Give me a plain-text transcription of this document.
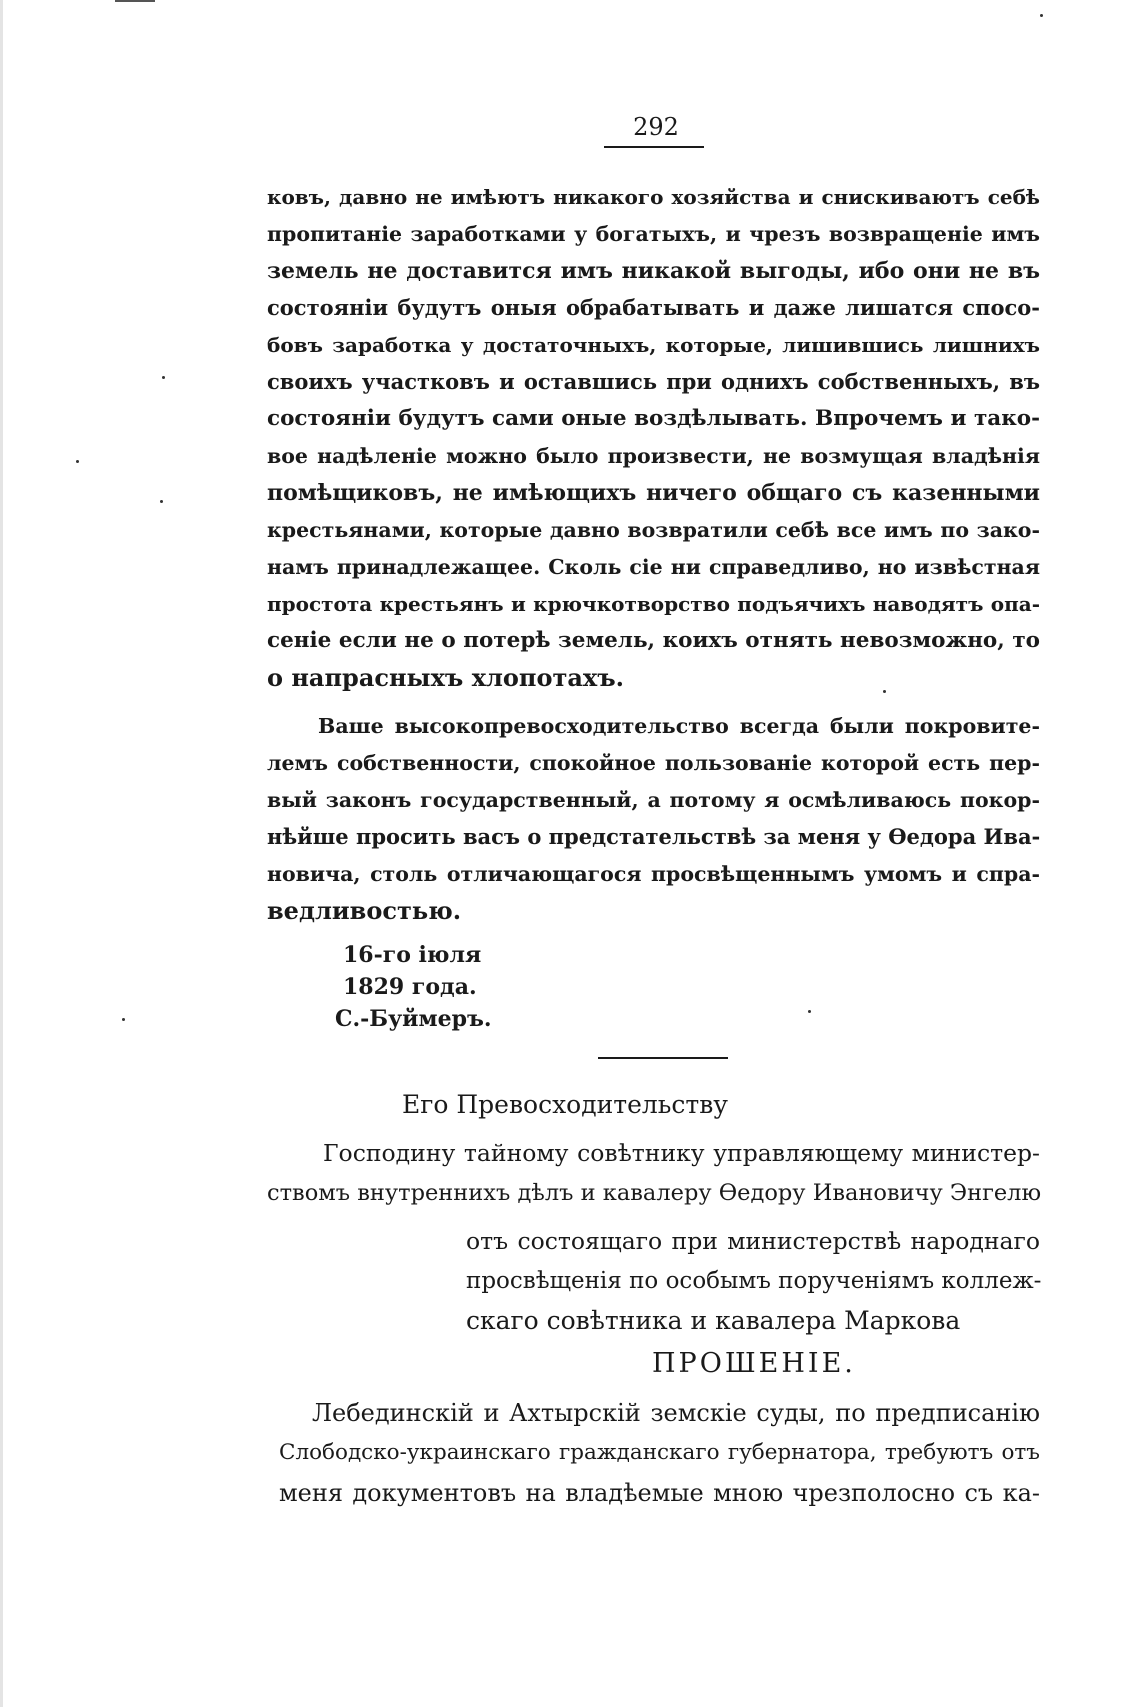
292
ковъ, давно не имѣютъ никакого хозяйства и снискиваютъ себѣ
пропитаніе заработками у богатыхъ, и чрезъ возвращеніе имъ
земель не доставится имъ никакой выгоды, ибо они не въ
состояніи будутъ оныя обрабатывать и даже лишатся спосо-
бовъ заработка у достаточныхъ, которые, лишившись лишнихъ
своихъ участковъ и оставшись при однихъ собственныхъ, въ
состояніи будутъ сами оные воздѣлывать. Впрочемъ и тако-
вое надѣленіе можно было произвести, не возмущая владѣнія
помѣщиковъ, не имѣющихъ ничего общаго съ казенными
крестьянами, которые давно возвратили себѣ все имъ по зако-
намъ принадлежащее. Сколь сіе ни справедливо, но извѣстная
простота крестьянъ и крючкотворство подъячихъ наводятъ опа-
сеніе если не о потерѣ земель, коихъ отнять невозможно, то
о напрасныхъ хлопотахъ.
Ваше высокопревосходительство всегда были покровите-
лемъ собственности, спокойное пользованіе которой есть пер-
вый законъ государственный, а потому я осмѣливаюсь покор-
нѣйше просить васъ о предстательствѣ за меня у Ѳедора Ива-
новича, столь отличающагося просвѣщеннымъ умомъ и спра-
ведливостью.
16-го іюля
1829 года.
С.-Буймеръ.
Его Превосходительству
Господину тайному совѣтнику управляющему министер-
ствомъ внутреннихъ дѣлъ и кавалеру Ѳедору Ивановичу Энгелю
отъ состоящаго при министерствѣ народнаго
просвѣщенія по особымъ порученіямъ коллеж-
скаго совѣтника и кавалера Маркова
ПРОШЕНІЕ.
Лебединскій и Ахтырскій земскіе суды, по предписанію
Слободско-украинскаго гражданскаго губернатора, требуютъ отъ
меня документовъ на владѣемые мною чрезполосно съ ка-
